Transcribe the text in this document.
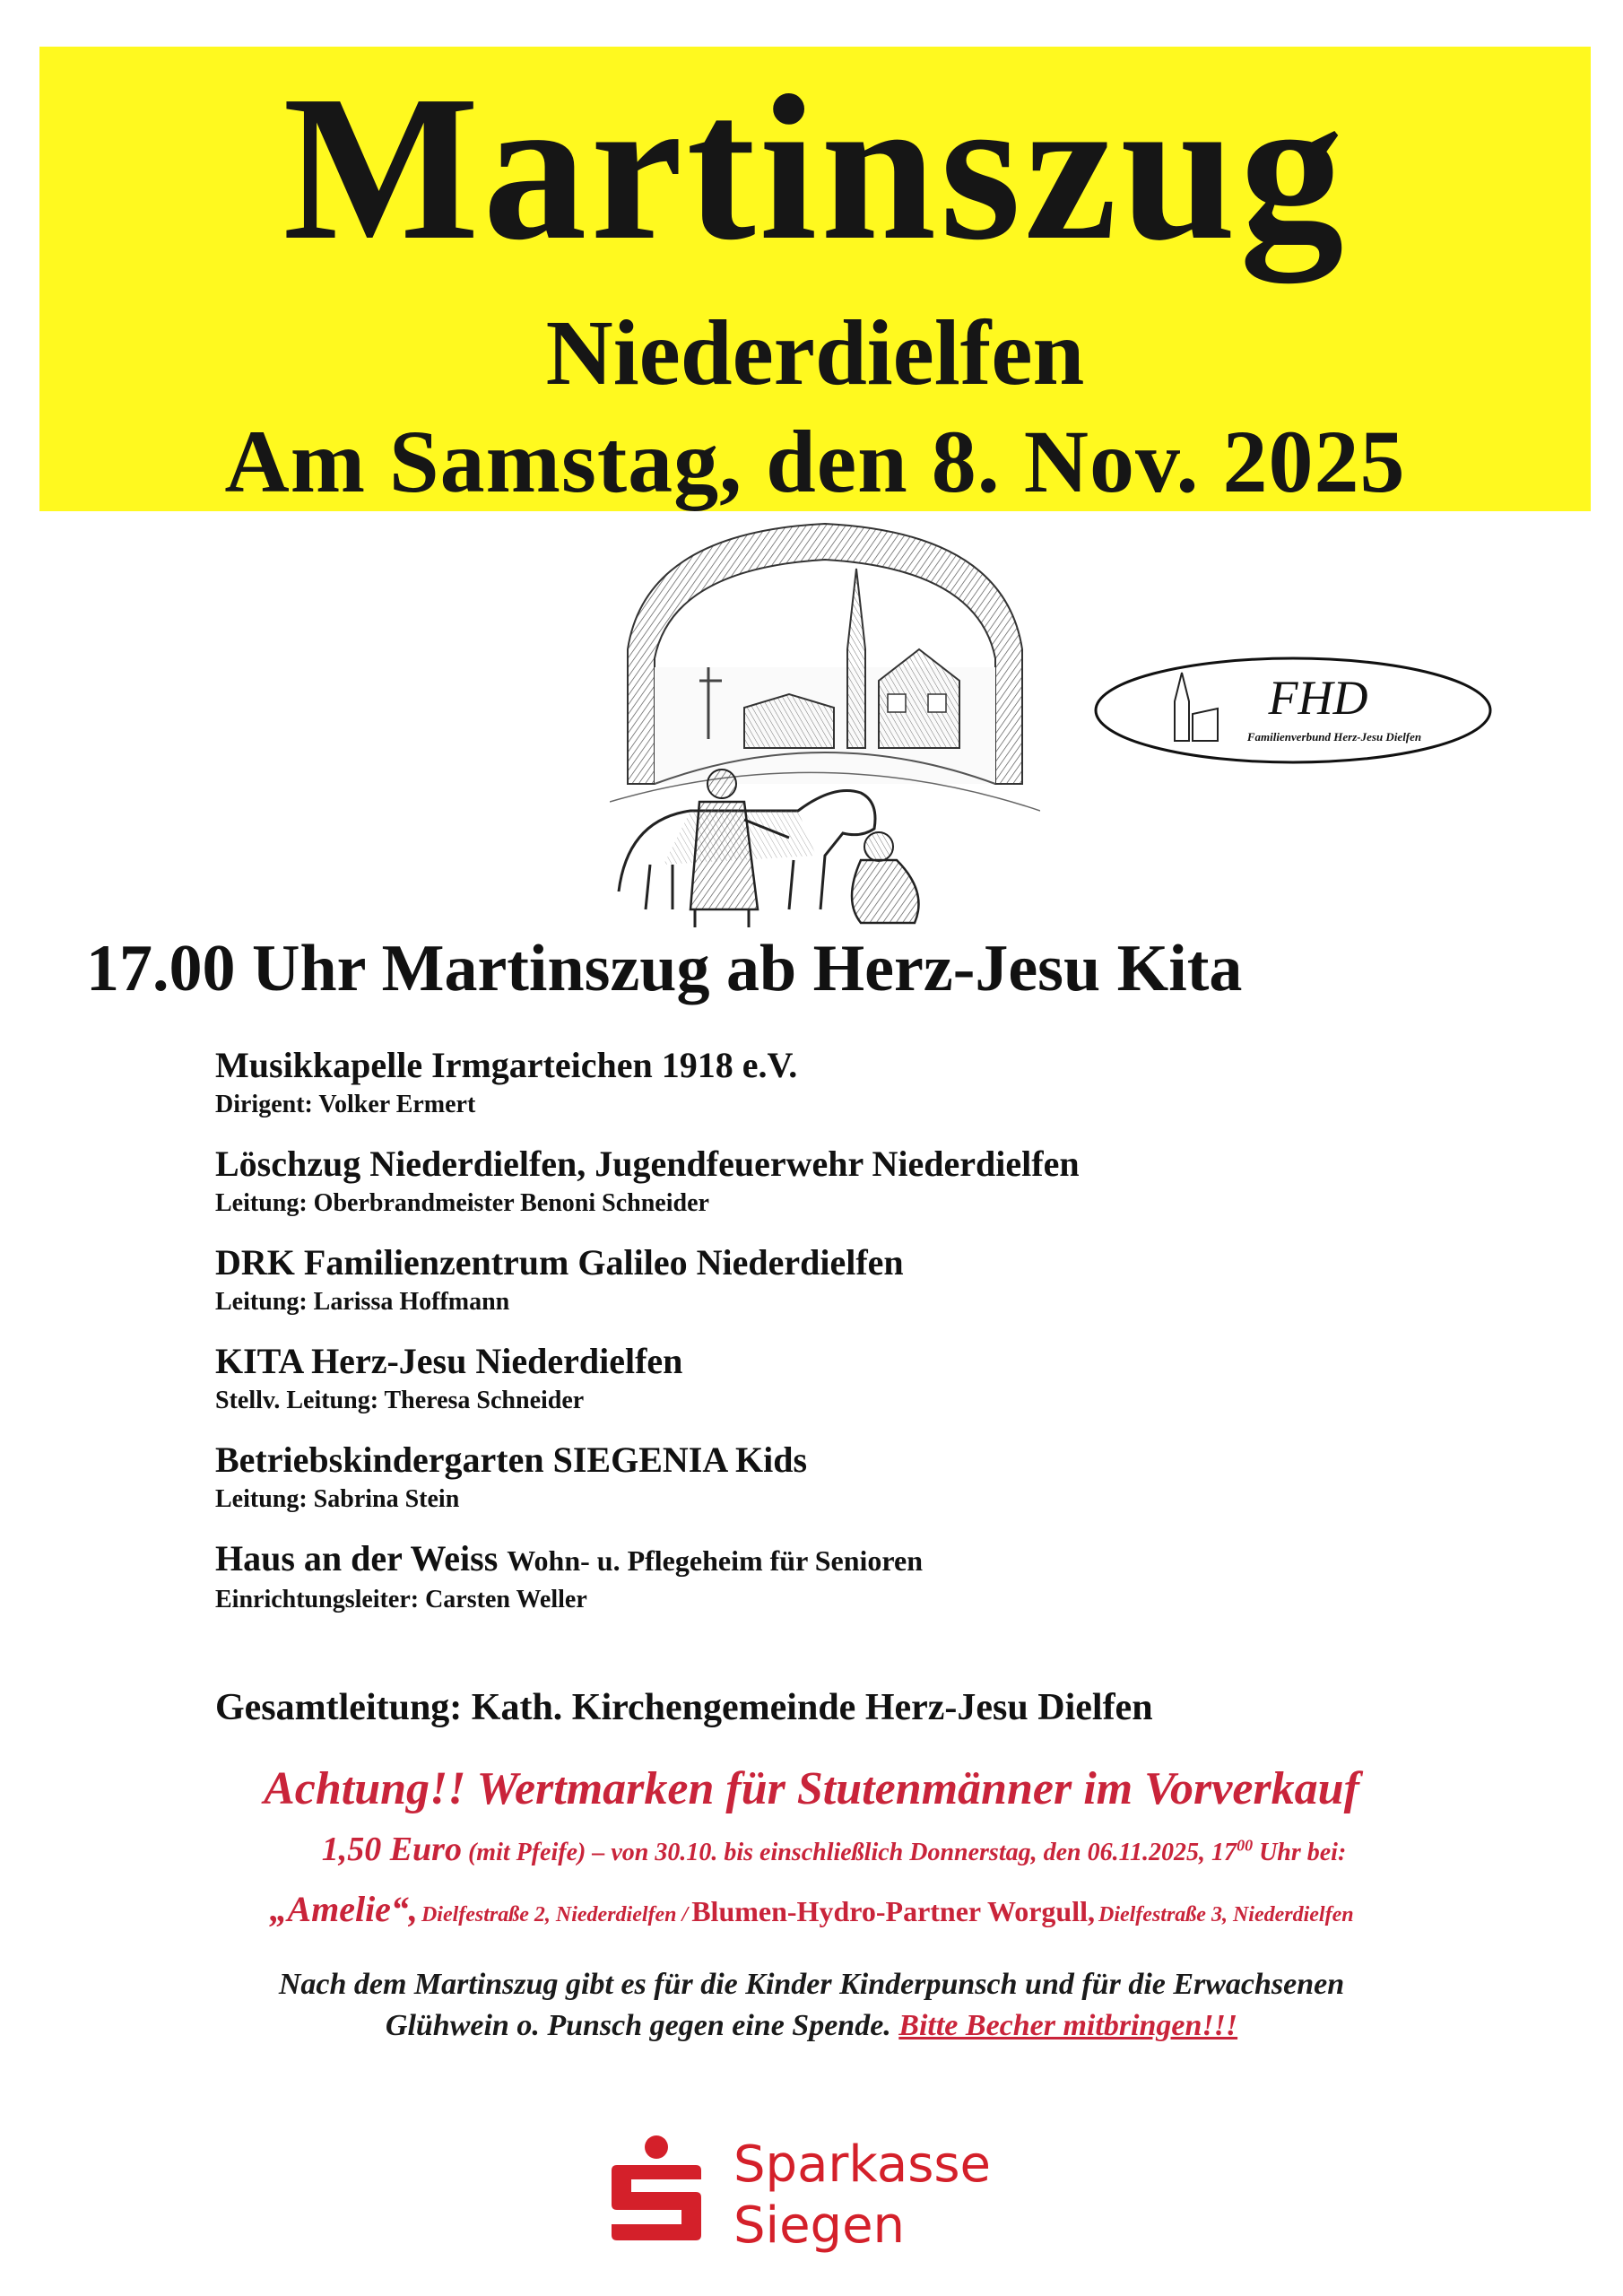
Martinszug
Niederdielfen
Am Samstag, den 8. Nov. 2025
FHD
Familienverbund Herz-Jesu Dielfen
17.00 Uhr Martinszug ab Herz-Jesu Kita
Musikkapelle Irmgarteichen 1918 e.V.
Dirigent: Volker Ermert
Löschzug Niederdielfen, Jugendfeuerwehr Niederdielfen
Leitung: Oberbrandmeister Benoni Schneider
DRK Familienzentrum Galileo Niederdielfen
Leitung: Larissa Hoffmann
KITA Herz-Jesu Niederdielfen
Stellv. Leitung: Theresa Schneider
Betriebskindergarten SIEGENIA Kids
Leitung: Sabrina Stein
Haus an der Weiss Wohn- u. Pflegeheim für Senioren
Einrichtungsleiter: Carsten Weller
Gesamtleitung: Kath. Kirchengemeinde Herz-Jesu Dielfen
Achtung!! Wertmarken für Stutenmänner im Vorverkauf
1,50 Euro (mit Pfeife) – von 30.10. bis einschließlich Donnerstag, den 06.11.2025, $17^{00}$ Uhr bei:
„Amelie“, Dielfestraße 2, Niederdielfen / Blumen-Hydro-Partner Worgull, Dielfestraße 3, Niederdielfen
Nach dem Martinszug gibt es für die Kinder Kinderpunsch und für die Erwachsenen
Glühwein o. Punsch gegen eine Spende. Bitte Becher mitbringen!!!
Sparkasse
Siegen
